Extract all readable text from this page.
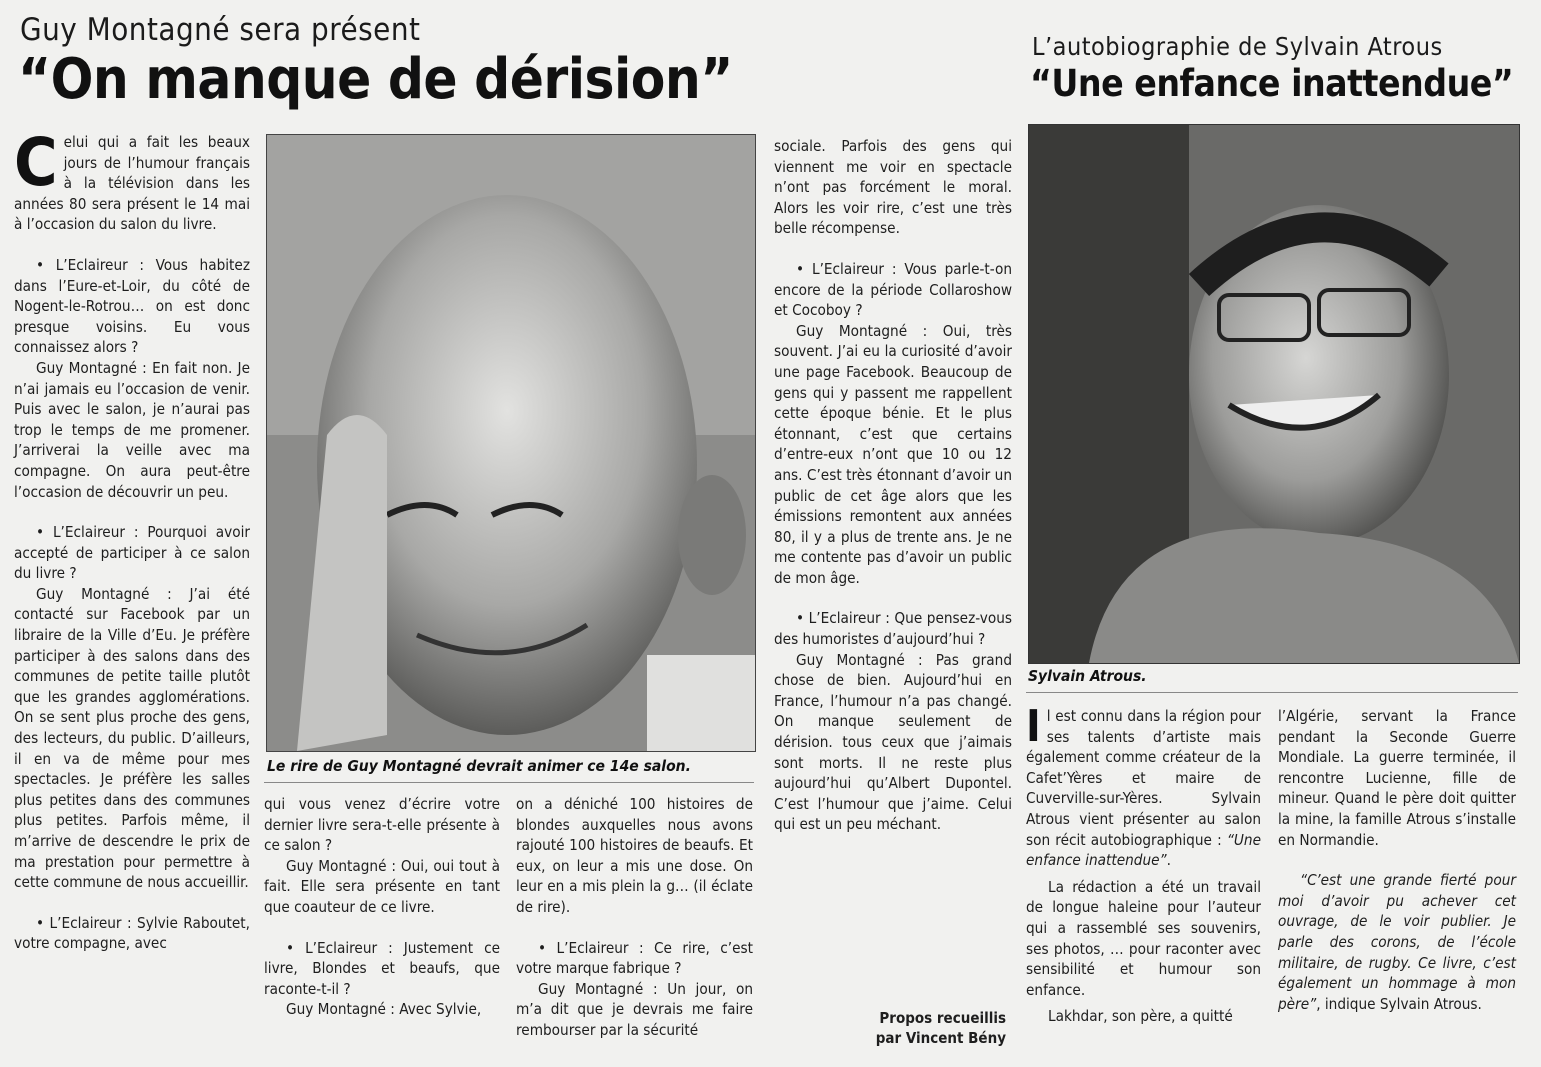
Guy Montagné sera présent
“On manque de dérision”

Celui qui a fait les beaux jours de l’humour français à la télévision dans les années 80 sera présent le 14 mai à l’occasion du salon du livre.

• L’Eclaireur : Vous habitez dans l’Eure-et-Loir, du côté de Nogent-le-Rotrou… on est donc presque voisins. Eu vous connaissez alors ?

Guy Montagné : En fait non. Je n’ai jamais eu l’occasion de venir. Puis avec le salon, je n’aurai pas trop le temps de me promener. J’arriverai la veille avec ma compagne. On aura peut-être l’occasion de découvrir un peu.

• L’Eclaireur : Pourquoi avoir accepté de participer à ce salon du livre ?

Guy Montagné : J’ai été contacté sur Facebook par un libraire de la Ville d’Eu. Je préfère participer à des salons dans des communes de petite taille plutôt que les grandes agglomérations. On se sent plus proche des gens, des lecteurs, du public. D’ailleurs, il en va de même pour mes spectacles. Je préfère les salles plus petites dans des communes plus petites. Parfois même, il m’arrive de descendre le prix de ma prestation pour permettre à cette commune de nous accueillir.

• L’Eclaireur : Sylvie Raboutet, votre compagne, avec

Le rire de Guy Montagné devrait animer ce 14e salon.

qui vous venez d’écrire votre dernier livre sera-t-elle présente à ce salon ?

Guy Montagné : Oui, oui tout à fait. Elle sera présente en tant que coauteur de ce livre.

• L’Eclaireur : Justement ce livre, Blondes et beaufs, que raconte-t-il ?

Guy Montagné : Avec Sylvie,

on a déniché 100 histoires de blondes auxquelles nous avons rajouté 100 histoires de beaufs. Et eux, on leur a mis une dose. On leur en a mis plein la g… (il éclate de rire).

• L’Eclaireur : Ce rire, c’est votre marque fabrique ?

Guy Montagné : Un jour, on m’a dit que je devrais me faire rembourser par la sécurité

sociale. Parfois des gens qui viennent me voir en spectacle n’ont pas forcément le moral. Alors les voir rire, c’est une très belle récompense.

• L’Eclaireur : Vous parle-t-on encore de la période Collaroshow et Cocoboy ?

Guy Montagné : Oui, très souvent. J’ai eu la curiosité d’avoir une page Facebook. Beaucoup de gens qui y passent me rappellent cette époque bénie. Et le plus étonnant, c’est que certains d’entre-eux n’ont que 10 ou 12 ans. C’est très étonnant d’avoir un public de cet âge alors que les émissions remontent aux années 80, il y a plus de trente ans. Je ne me contente pas d’avoir un public de mon âge.

• L’Eclaireur : Que pensez-vous des humoristes d’aujourd’hui ?

Guy Montagné : Pas grand chose de bien. Aujourd’hui en France, l’humour n’a pas changé. On manque seulement de dérision. tous ceux que j’aimais sont morts. Il ne reste plus aujourd’hui qu’Albert Dupontel. C’est l’humour que j’aime. Celui qui est un peu méchant.

Propos recueillis
par Vincent Bény
L’autobiographie de Sylvain Atrous
“Une enfance inattendue”
Sylvain Atrous.

Il est connu dans la région pour ses talents d’artiste mais également comme créateur de la Cafet’Yères et maire de Cuverville-sur-Yères. Sylvain Atrous vient présenter au salon son récit autobiographique : “Une enfance inattendue”.

La rédaction a été un travail de longue haleine pour l’auteur qui a rassemblé ses souvenirs, ses photos, … pour raconter avec sensibilité et humour son enfance.

Lakhdar, son père, a quitté

l’Algérie, servant la France pendant la Seconde Guerre Mondiale. La guerre terminée, il rencontre Lucienne, fille de mineur. Quand le père doit quitter la mine, la famille Atrous s’installe en Normandie.

“C’est une grande fierté pour moi d’avoir pu achever cet ouvrage, de le voir publier. Je parle des corons, de l’école militaire, de rugby. Ce livre, c’est également un hommage à mon père”, indique Sylvain Atrous.
